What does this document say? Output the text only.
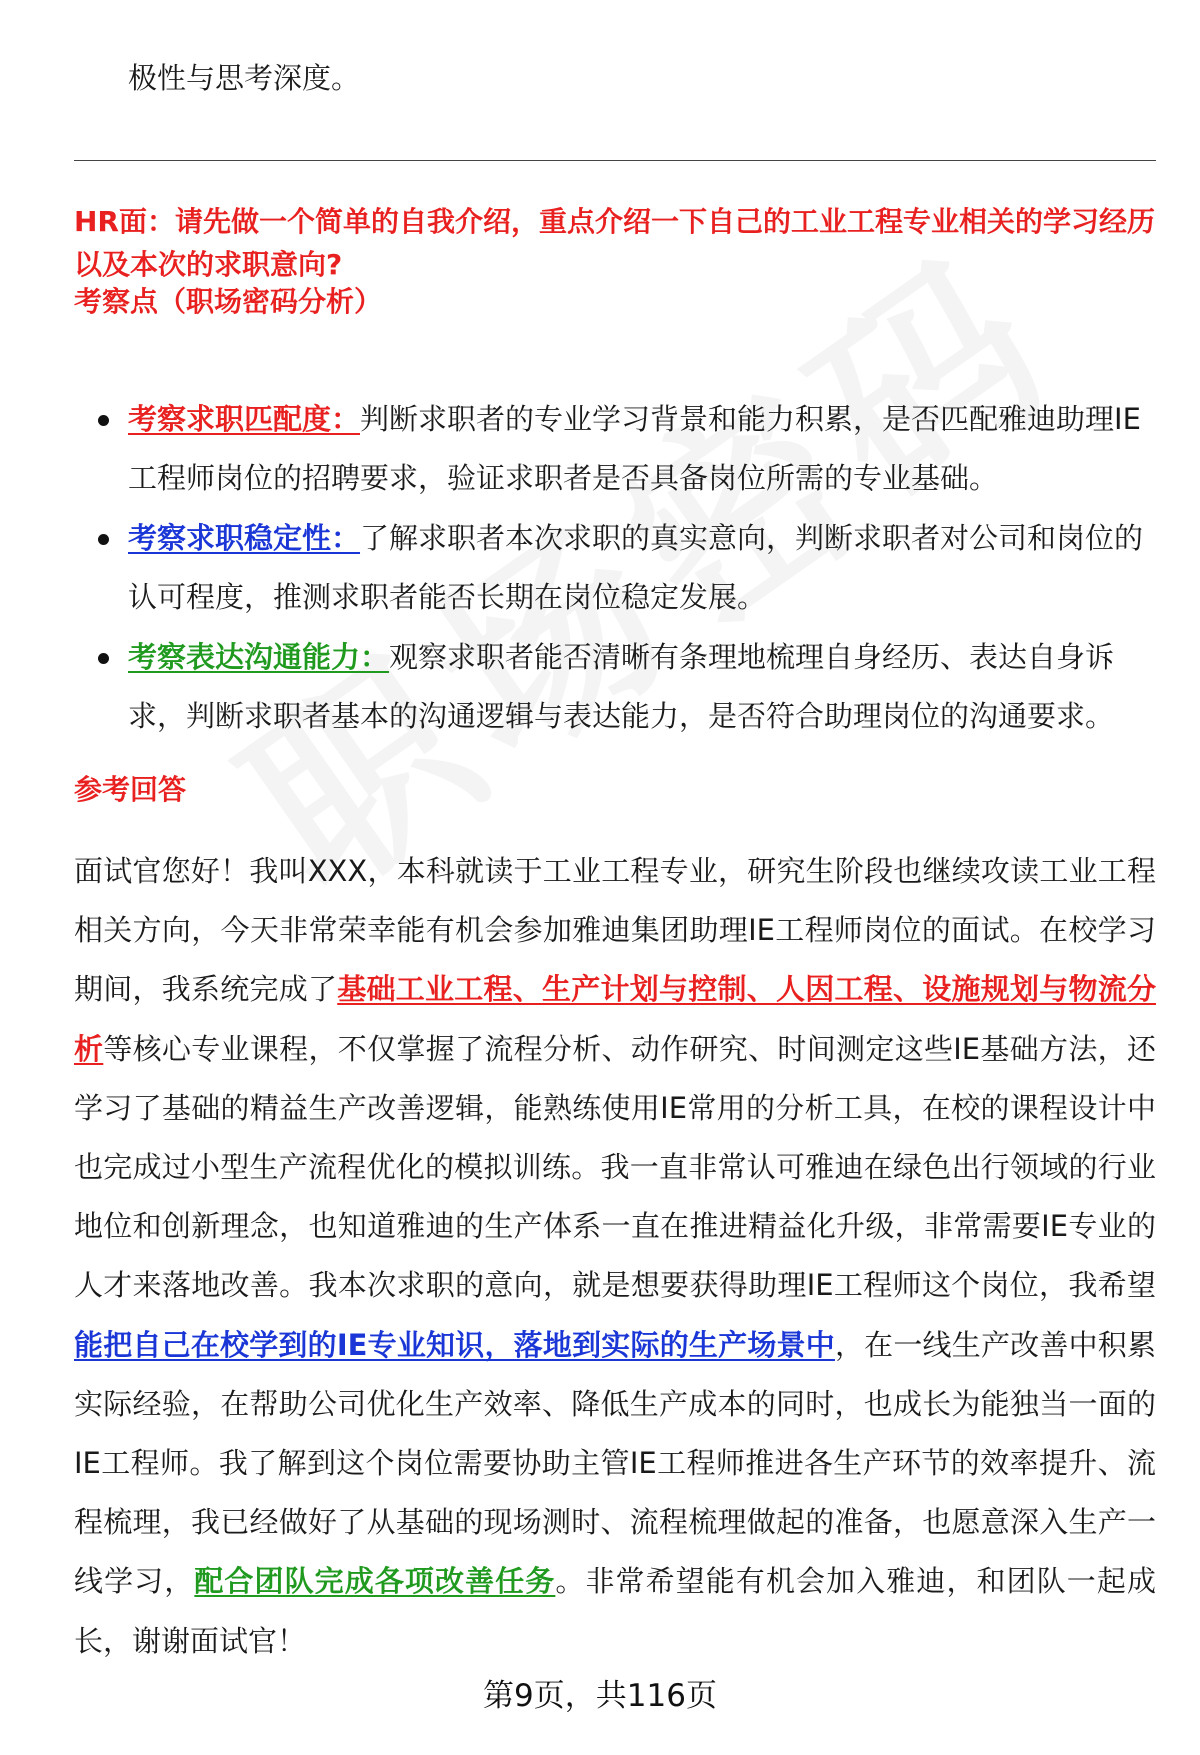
极性与思考深度。
HR面：请先做一个简单的自我介绍，重点介绍一下自己的工业工程专业相关的学习经历以及本次的求职意向?
考察点（职场密码分析）
考察求职匹配度：判断求职者的专业学习背景和能力积累，是否匹配雅迪助理IE工程师岗位的招聘要求，验证求职者是否具备岗位所需的专业基础。
考察求职稳定性：了解求职者本次求职的真实意向，判断求职者对公司和岗位的认可程度，推测求职者能否长期在岗位稳定发展。
考察表达沟通能力：观察求职者能否清晰有条理地梳理自身经历、表达自身诉求，判断求职者基本的沟通逻辑与表达能力，是否符合助理岗位的沟通要求。
参考回答
面试官您好！我叫XXX，本科就读于工业工程专业，研究生阶段也继续攻读工业工程相关方向，今天非常荣幸能有机会参加雅迪集团助理IE工程师岗位的面试。在校学习期间，我系统完成了基础工业工程、生产计划与控制、人因工程、设施规划与物流分析等核心专业课程，不仅掌握了流程分析、动作研究、时间测定这些IE基础方法，还学习了基础的精益生产改善逻辑，能熟练使用IE常用的分析工具，在校的课程设计中也完成过小型生产流程优化的模拟训练。我一直非常认可雅迪在绿色出行领域的行业地位和创新理念，也知道雅迪的生产体系一直在推进精益化升级，非常需要IE专业的人才来落地改善。我本次求职的意向，就是想要获得助理IE工程师这个岗位，我希望能把自己在校学到的IE专业知识，落地到实际的生产场景中，在一线生产改善中积累实际经验，在帮助公司优化生产效率、降低生产成本的同时，也成长为能独当一面的IE工程师。我了解到这个岗位需要协助主管IE工程师推进各生产环节的效率提升、流程梳理，我已经做好了从基础的现场测时、流程梳理做起的准备，也愿意深入生产一线学习，配合团队完成各项改善任务。非常希望能有机会加入雅迪，和团队一起成长，谢谢面试官！
第9页，共116页
